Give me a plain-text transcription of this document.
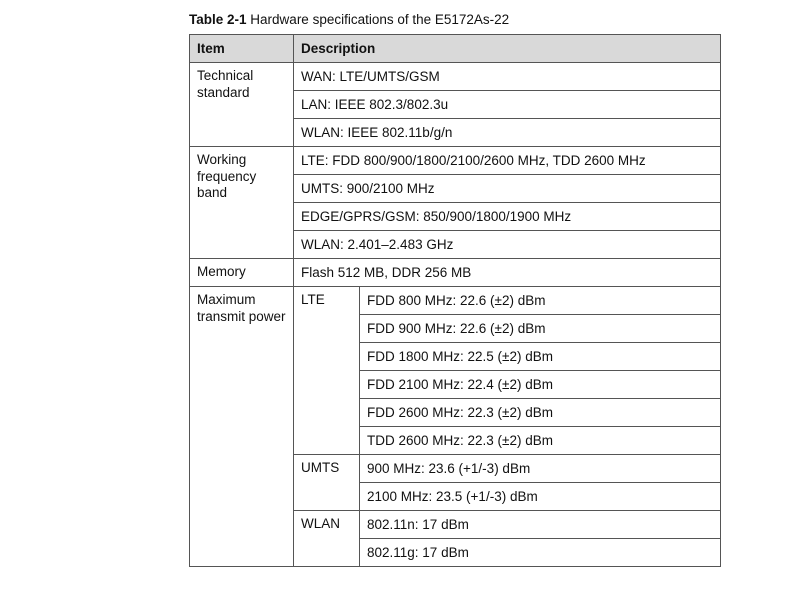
Table 2-1 Hardware specifications of the E5172As-22
Item	Description	
Technical standard	WAN: LTE/UMTS/GSM	
	LAN: IEEE 802.3/802.3u	
	WLAN: IEEE 802.11b/g/n	
Working frequency band	LTE: FDD 800/900/1800/2100/2600 MHz, TDD 2600 MHz	
	UMTS: 900/2100 MHz	
	EDGE/GPRS/GSM: 850/900/1800/1900 MHz	
	WLAN: 2.401–2.483 GHz	
Memory	Flash 512 MB, DDR 256 MB	
Maximum transmit power	LTE	FDD 800 MHz: 22.6 (±2) dBm
		FDD 900 MHz: 22.6 (±2) dBm
		FDD 1800 MHz: 22.5 (±2) dBm
		FDD 2100 MHz: 22.4 (±2) dBm
		FDD 2600 MHz: 22.3 (±2) dBm
		TDD 2600 MHz: 22.3 (±2) dBm
	UMTS	900 MHz: 23.6 (+1/-3) dBm
		2100 MHz: 23.5 (+1/-3) dBm
	WLAN	802.11n: 17 dBm
		802.11g: 17 dBm
